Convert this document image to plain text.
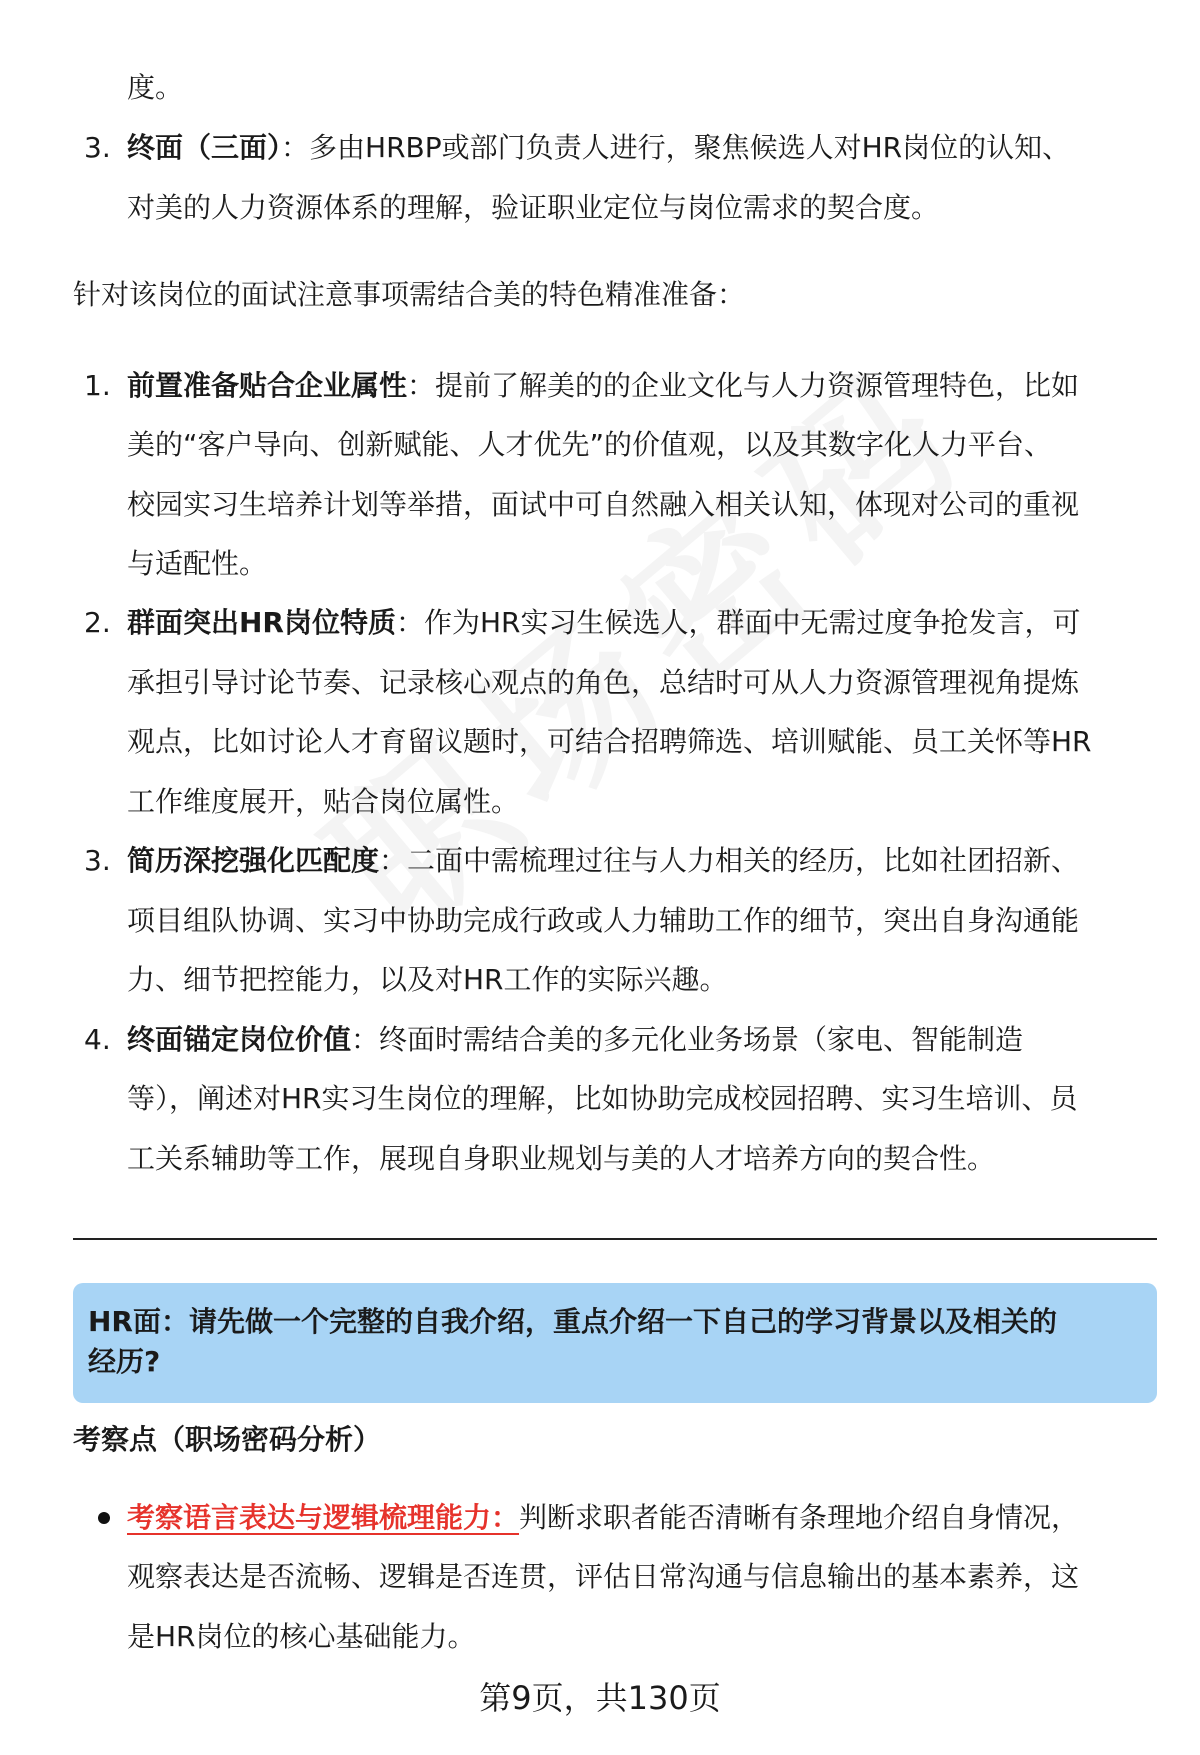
度。
3. 终面（三面）：多由HRBP或部门负责人进行，聚焦候选人对HR岗位的认知、
对美的人力资源体系的理解，验证职业定位与岗位需求的契合度。
针对该岗位的面试注意事项需结合美的特色精准准备：
1. 前置准备贴合企业属性：提前了解美的的企业文化与人力资源管理特色，比如
美的“客户导向、创新赋能、人才优先”的价值观，以及其数字化人力平台、
校园实习生培养计划等举措，面试中可自然融入相关认知，体现对公司的重视
与适配性。
2. 群面突出HR岗位特质：作为HR实习生候选人，群面中无需过度争抢发言，可
承担引导讨论节奏、记录核心观点的角色，总结时可从人力资源管理视角提炼
观点，比如讨论人才育留议题时，可结合招聘筛选、培训赋能、员工关怀等HR
工作维度展开，贴合岗位属性。
3. 简历深挖强化匹配度：二面中需梳理过往与人力相关的经历，比如社团招新、
项目组队协调、实习中协助完成行政或人力辅助工作的细节，突出自身沟通能
力、细节把控能力，以及对HR工作的实际兴趣。
4. 终面锚定岗位价值：终面时需结合美的多元化业务场景（家电、智能制造
等），阐述对HR实习生岗位的理解，比如协助完成校园招聘、实习生培训、员
工关系辅助等工作，展现自身职业规划与美的人才培养方向的契合性。
HR面：请先做一个完整的自我介绍，重点介绍一下自己的学习背景以及相关的
经历?
考察点（职场密码分析）
考察语言表达与逻辑梳理能力：判断求职者能否清晰有条理地介绍自身情况，
观察表达是否流畅、逻辑是否连贯，评估日常沟通与信息输出的基本素养，这
是HR岗位的核心基础能力。
第9页，共130页
